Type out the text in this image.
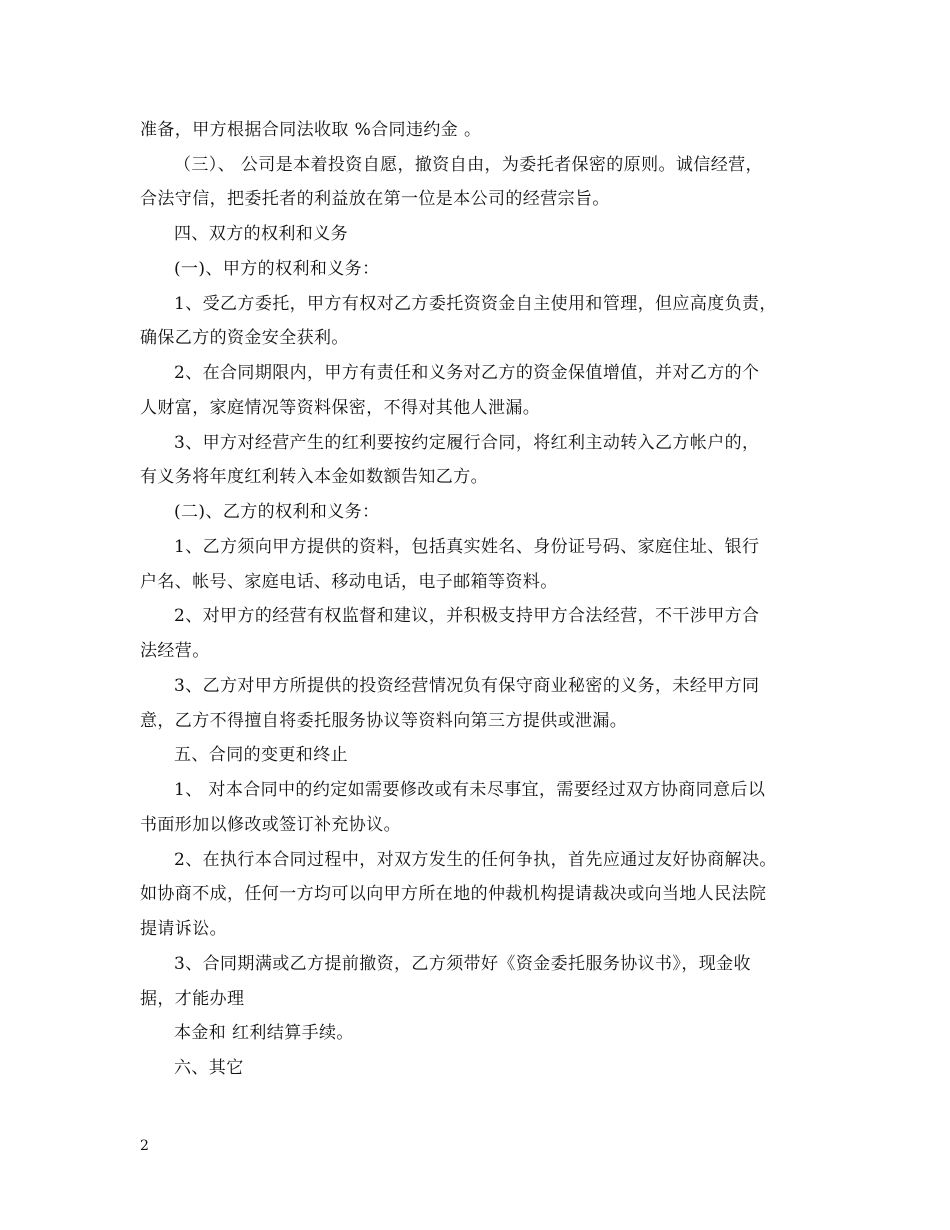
准备，甲方根据合同法收取 %合同违约金 。
（三）、 公司是本着投资自愿，撤资自由，为委托者保密的原则。诚信经营，
合法守信，把委托者的利益放在第一位是本公司的经营宗旨。
四、双方的权利和义务
(一)、甲方的权利和义务：
1、受乙方委托，甲方有权对乙方委托资资金自主使用和管理，但应高度负责，
确保乙方的资金安全获利。
2、在合同期限内，甲方有责任和义务对乙方的资金保值增值，并对乙方的个
人财富，家庭情况等资料保密，不得对其他人泄漏。
3、甲方对经营产生的红利要按约定履行合同，将红利主动转入乙方帐户的，
有义务将年度红利转入本金如数额告知乙方。
(二)、乙方的权利和义务：
1、乙方须向甲方提供的资料，包括真实姓名、身份证号码、家庭住址、银行
户名、帐号、家庭电话、移动电话，电子邮箱等资料。
2、对甲方的经营有权监督和建议，并积极支持甲方合法经营，不干涉甲方合
法经营。
3、乙方对甲方所提供的投资经营情况负有保守商业秘密的义务，未经甲方同
意，乙方不得擅自将委托服务协议等资料向第三方提供或泄漏。
五、合同的变更和终止
1、 对本合同中的约定如需要修改或有未尽事宜，需要经过双方协商同意后以
书面形加以修改或签订补充协议。
2、在执行本合同过程中，对双方发生的任何争执，首先应通过友好协商解决。
如协商不成，任何一方均可以向甲方所在地的仲裁机构提请裁决或向当地人民法院
提请诉讼。
3、合同期满或乙方提前撤资，乙方须带好《资金委托服务协议书》，现金收
据，才能办理
本金和 红利结算手续。
六、其它
2
